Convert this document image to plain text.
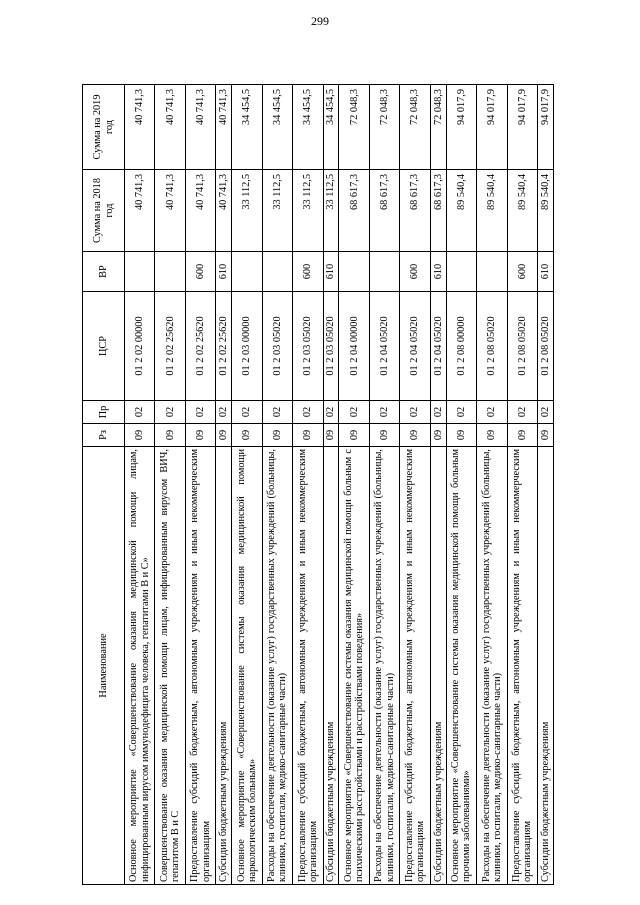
299
Наименование	Рз	Пр	ЦСР	ВР	Сумма на 2018 год	Сумма на 2019 год
Основное мероприятие «Совершенствование оказания медицинской помощи лицам, инфицированным вирусом иммунодефицита человека, гепатитами В и С»	09	02	01 2 02 00000		40 741,3	40 741,3
Совершенствование оказания медицинской помощи лицам, инфицированным вирусом ВИЧ, гепатитом В и С	09	02	01 2 02 25620		40 741,3	40 741,3
Предоставление субсидий бюджетным, автономным учреждениям и иным некоммерческим организациям	09	02	01 2 02 25620	600	40 741,3	40 741,3
Субсидии бюджетным учреждениям	09	02	01 2 02 25620	610	40 741,3	40 741,3
Основное мероприятие «Совершенствование системы оказания медицинской помощи наркологическим больным»	09	02	01 2 03 00000		33 112,5	34 454,5
Расходы на обеспечение деятельности (оказание услуг) государственных учреждений (больницы, клиники, госпитали, медико-санитарные части)	09	02	01 2 03 05020		33 112,5	34 454,5
Предоставление субсидий бюджетным, автономным учреждениям и иным некоммерческим организациям	09	02	01 2 03 05020	600	33 112,5	34 454,5
Субсидии бюджетным учреждениям	09	02	01 2 03 05020	610	33 112,5	34 454,5
Основное мероприятие «Совершенствование системы оказания медицинской помощи больным с психическими расстройствами и расстройствами поведения»	09	02	01 2 04 00000		68 617,3	72 048,3
Расходы на обеспечение деятельности (оказание услуг) государственных учреждений (больницы, клиники, госпитали, медико-санитарные части)	09	02	01 2 04 05020		68 617,3	72 048,3
Предоставление субсидий бюджетным, автономным учреждениям и иным некоммерческим организациям	09	02	01 2 04 05020	600	68 617,3	72 048,3
Субсидии бюджетным учреждениям	09	02	01 2 04 05020	610	68 617,3	72 048,3
Основное мероприятие «Совершенствование системы оказания медицинской помощи больным прочими заболеваниями»	09	02	01 2 08 00000		89 540,4	94 017,9
Расходы на обеспечение деятельности (оказание услуг) государственных учреждений (больницы, клиники, госпитали, медико-санитарные части)	09	02	01 2 08 05020		89 540,4	94 017,9
Предоставление субсидий бюджетным, автономным учреждениям и иным некоммерческим организациям	09	02	01 2 08 05020	600	89 540,4	94 017,9
Субсидии бюджетным учреждениям	09	02	01 2 08 05020	610	89 540,4	94 017,9
